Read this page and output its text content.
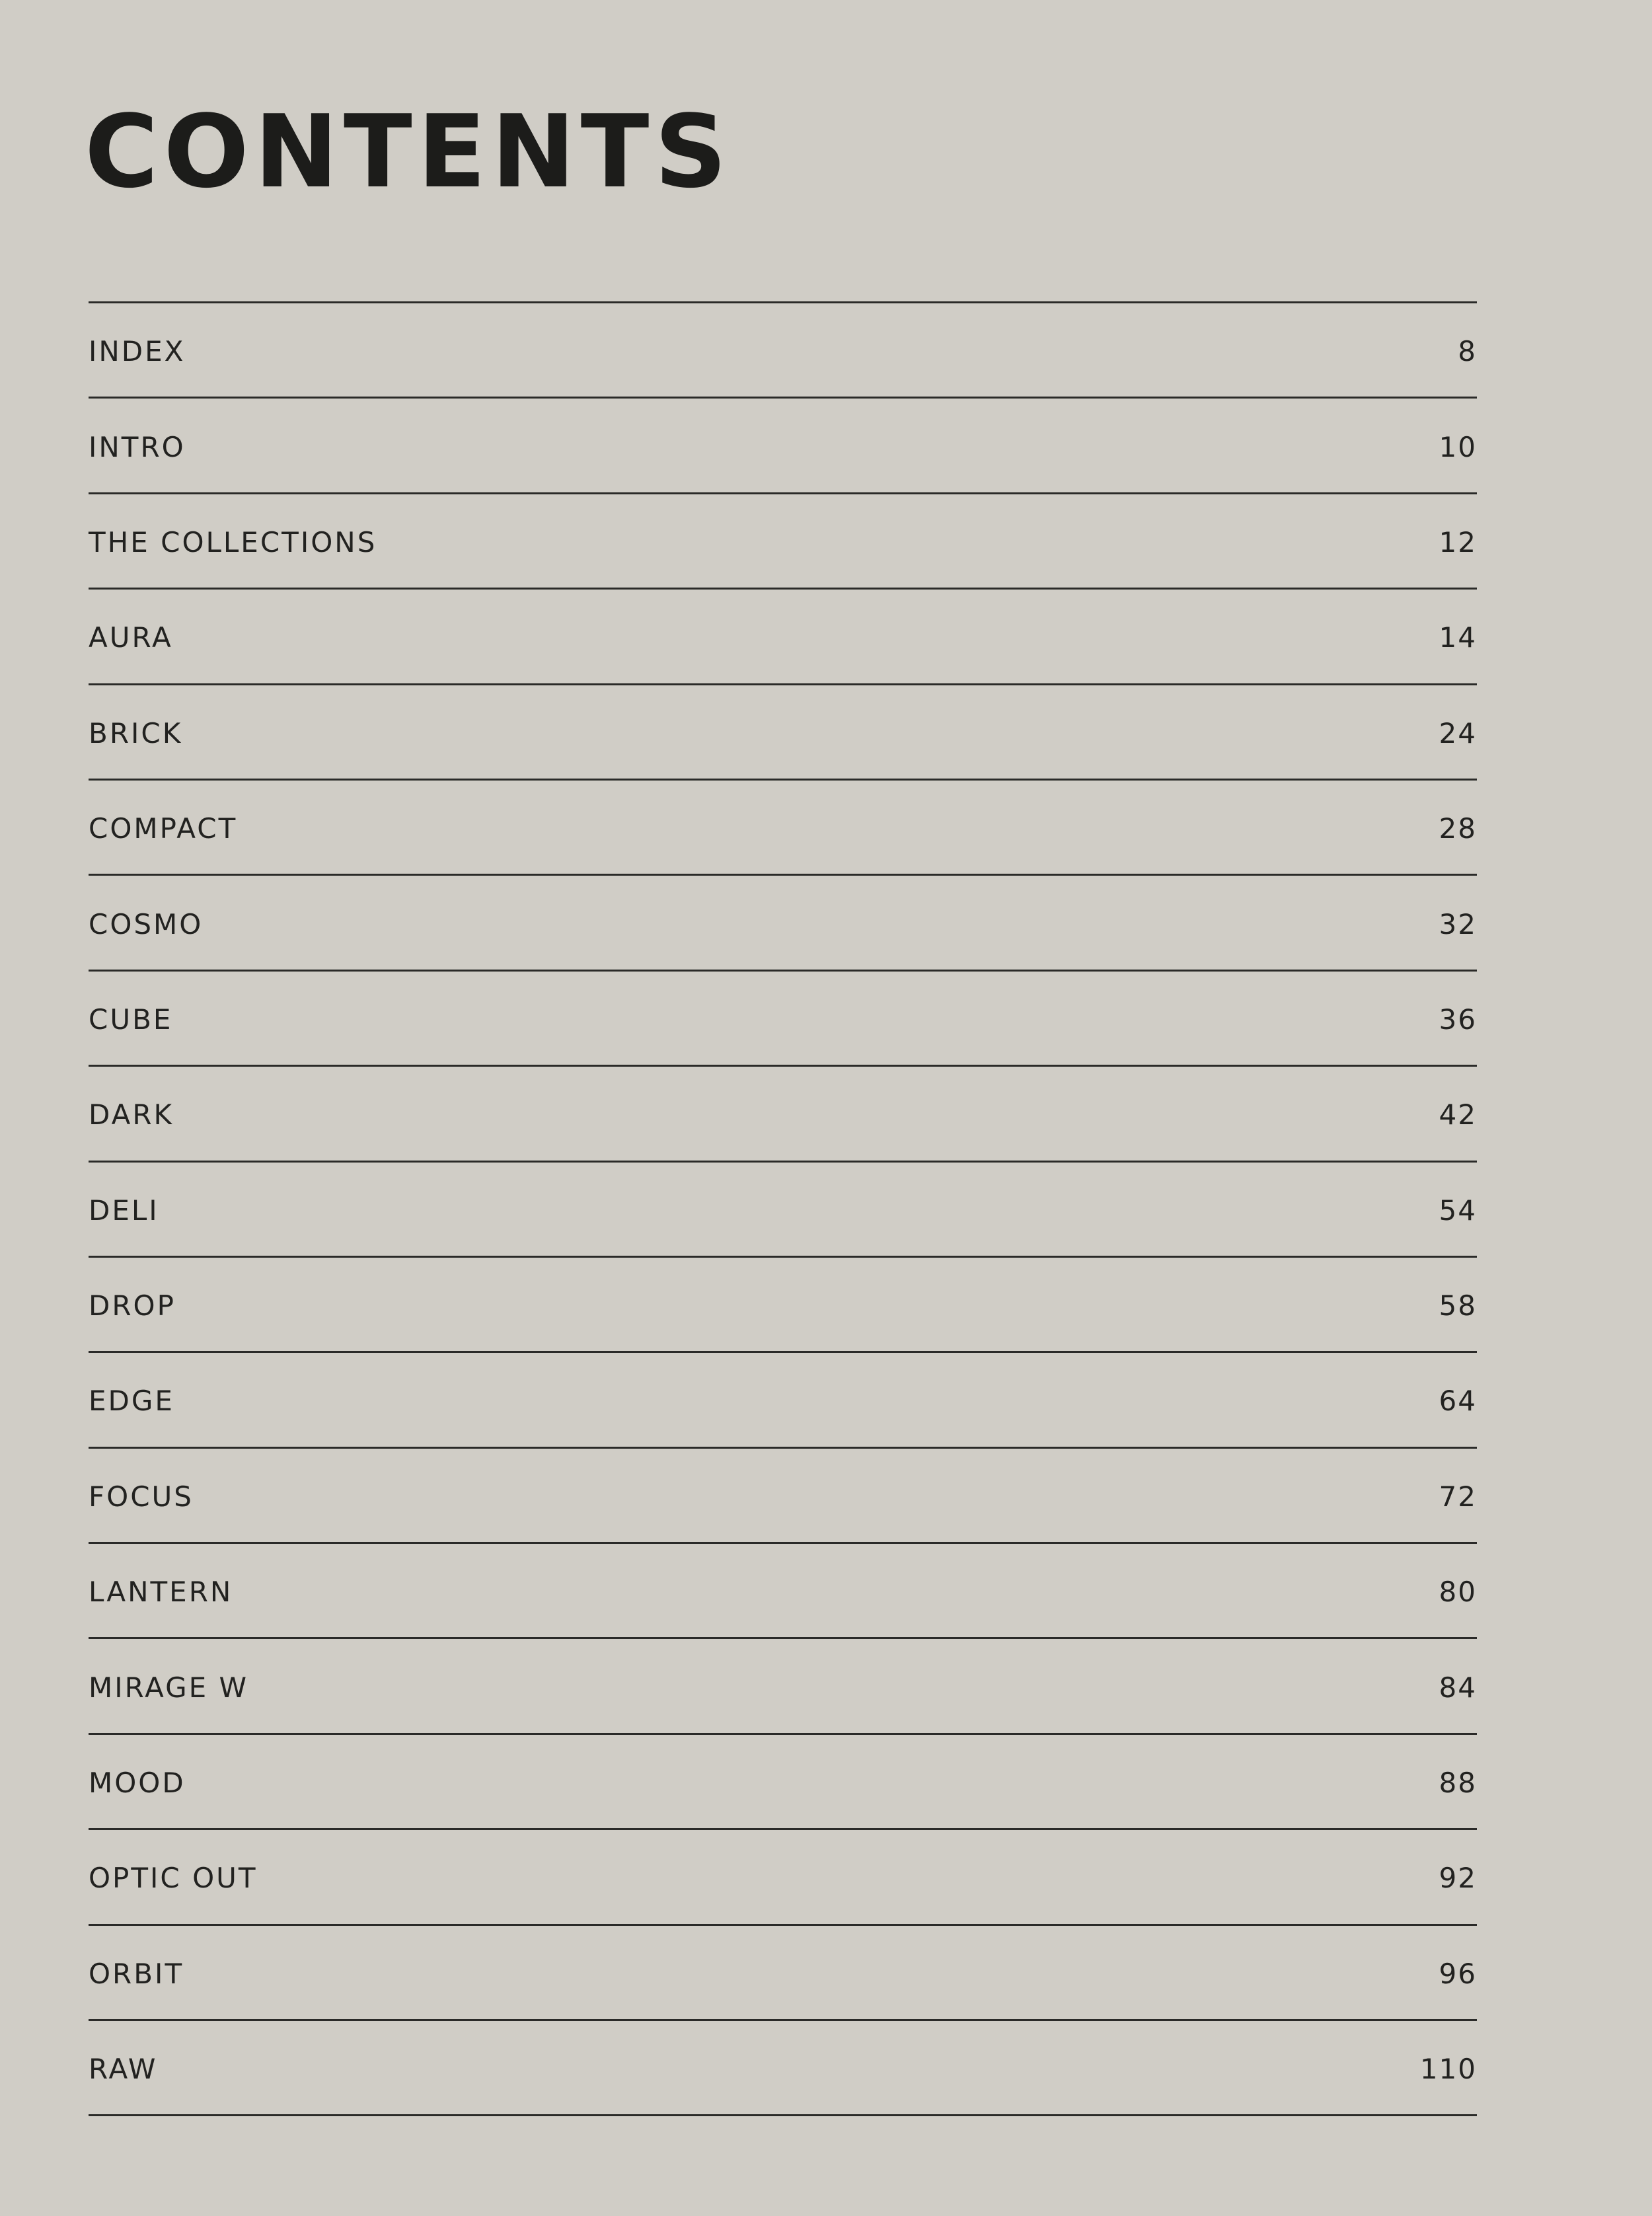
CONTENTS
INDEX	8
INTRO	10
THE COLLECTIONS	12
AURA	14
BRICK	24
COMPACT	28
COSMO	32
CUBE	36
DARK	42
DELI	54
DROP	58
EDGE	64
FOCUS	72
LANTERN	80
MIRAGE W	84
MOOD	88
OPTIC OUT	92
ORBIT	96
RAW	110
